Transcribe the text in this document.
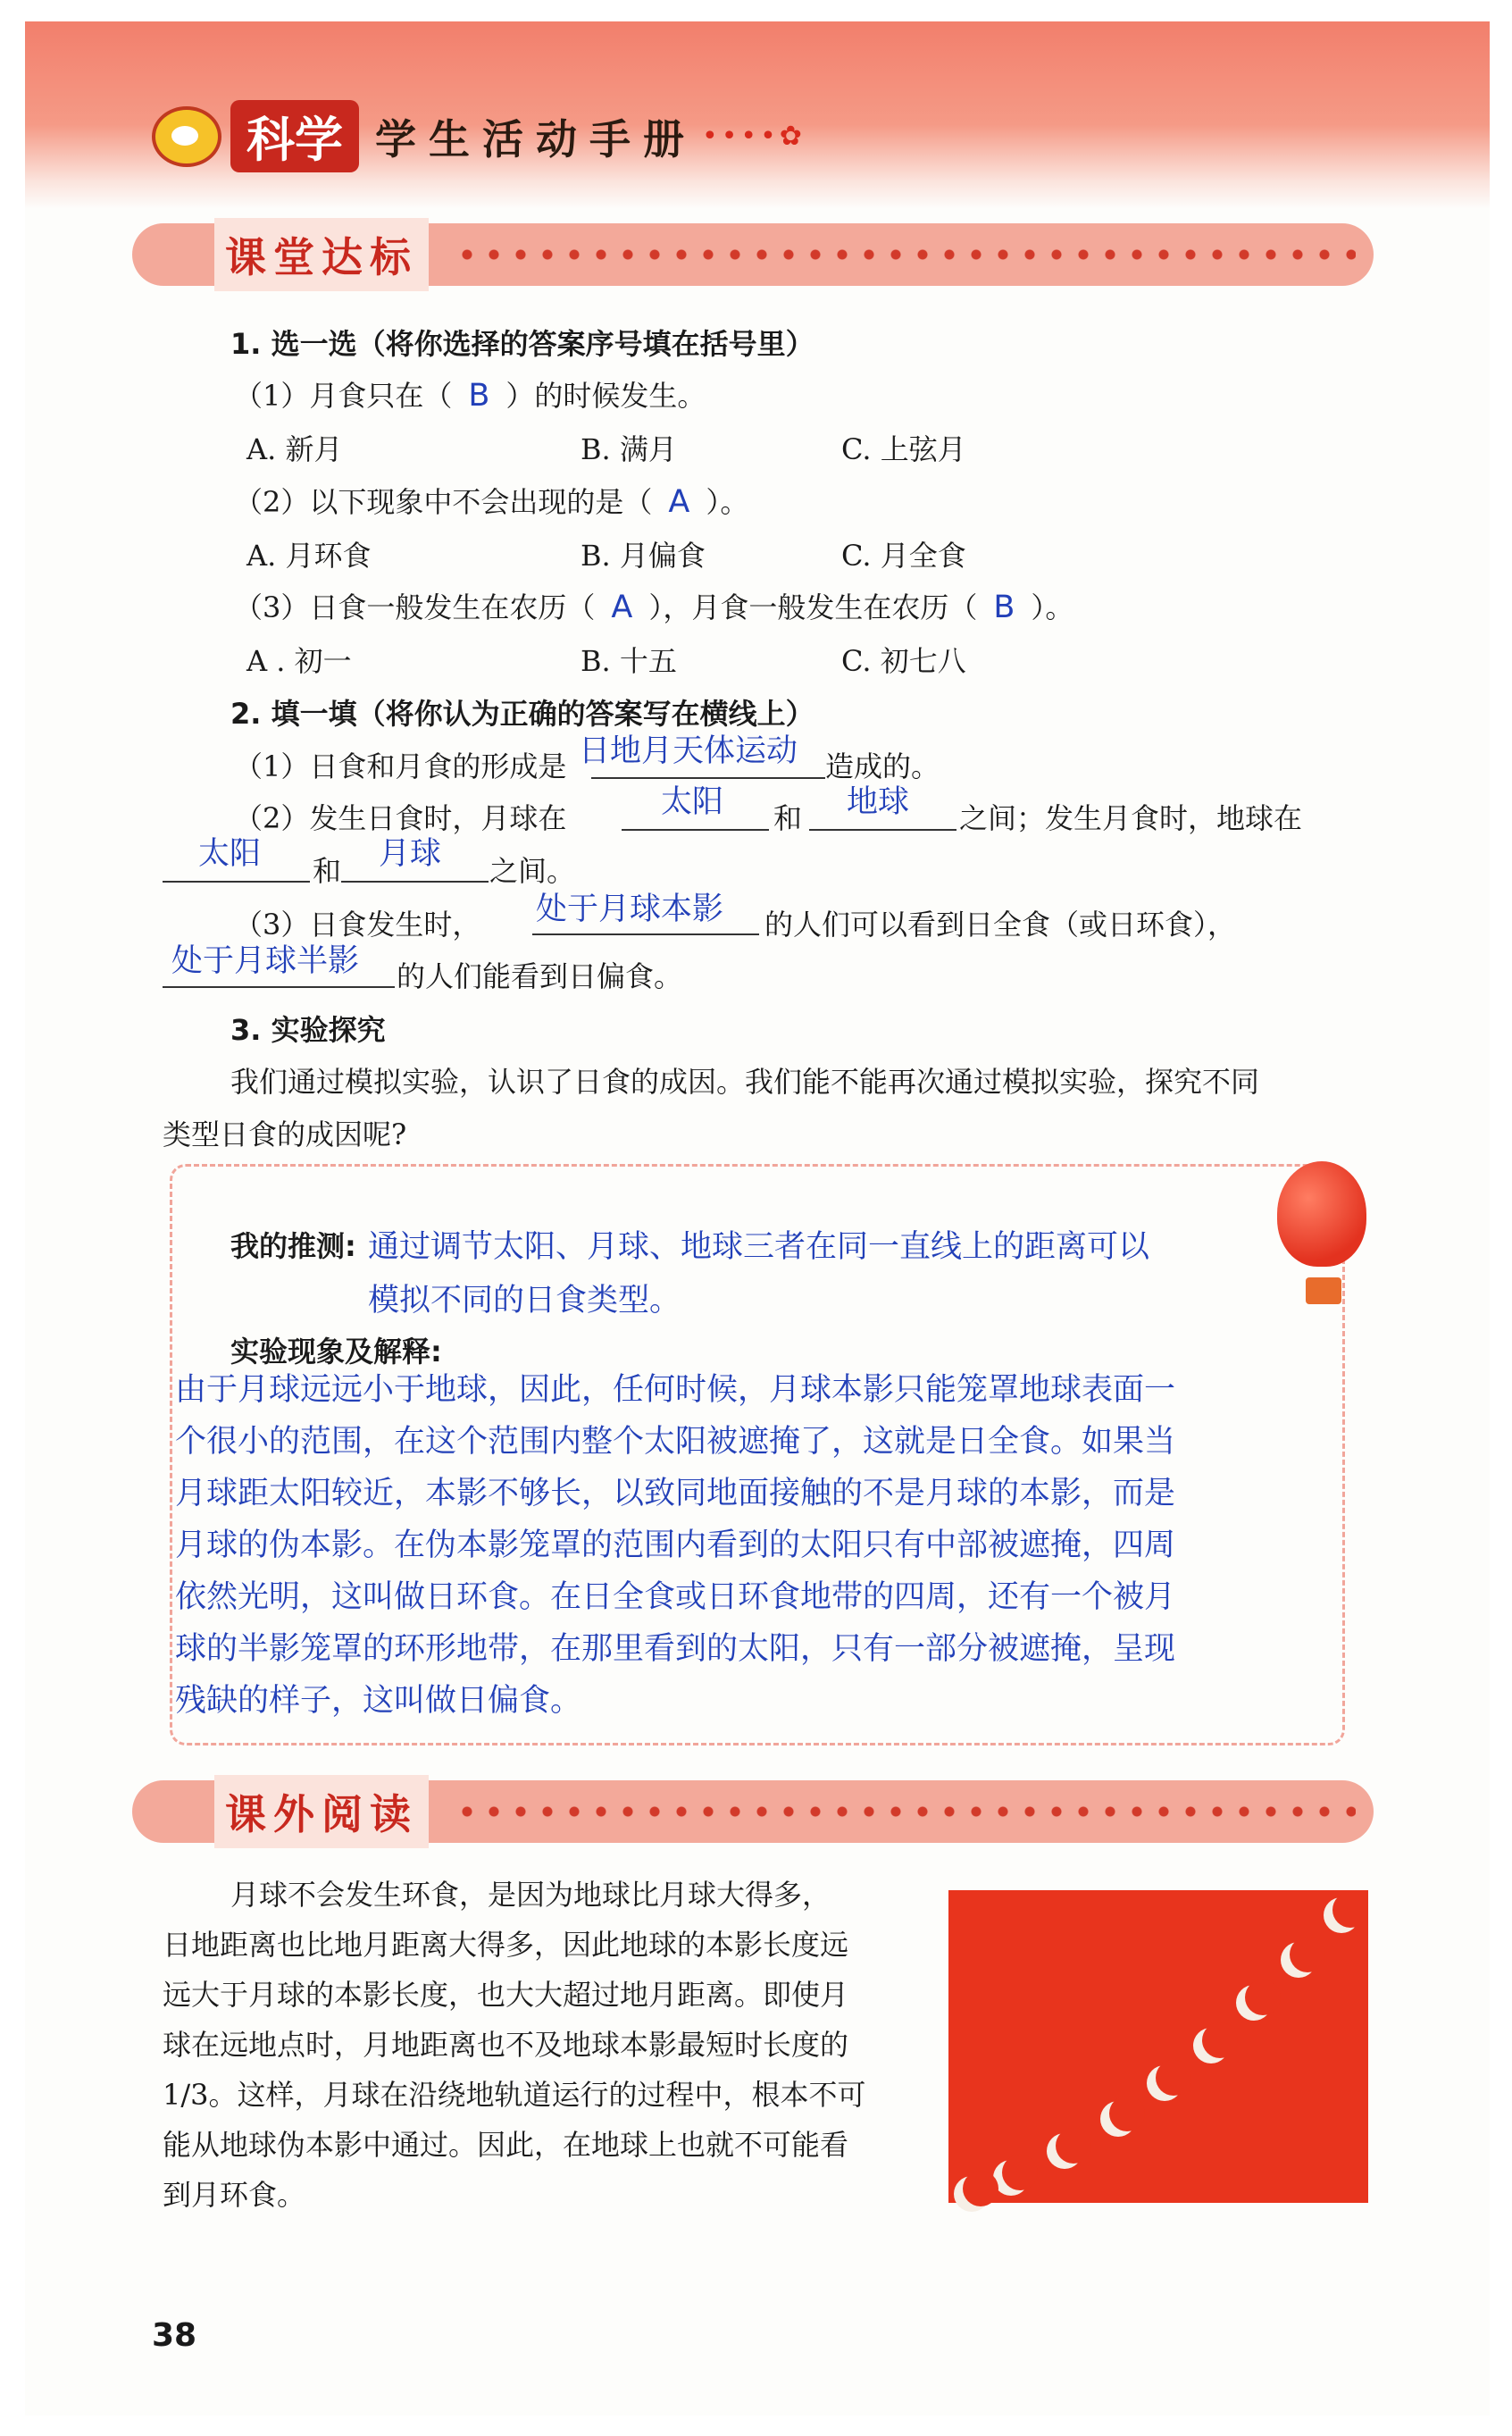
科学 学生活动手册 ••••✿
课堂达标
1. 选一选（将你选择的答案序号填在括号里）
（1）月食只在（ B ）的时候发生。
A. 新月	B. 满月	C. 上弦月
（2）以下现象中不会出现的是（ A ）。
A. 月环食	B. 月偏食	C. 月全食
（3）日食一般发生在农历（ A ），月食一般发生在农历（ B ）。
A . 初一	B. 十五	C. 初七八
2. 填一填（将你认为正确的答案写在横线上）
（1）日食和月食的形成是 日地月天体运动 造成的。
（2）发生日食时，月球在	太阳 和 地球 之间；发生月食时，地球在
太阳 和 月球 之间。
（3）日食发生时， 处于月球本影 的人们可以看到日全食（或日环食），
处于月球半影 的人们能看到日偏食。
3. 实验探究
我们通过模拟实验，认识了日食的成因。我们能不能再次通过模拟实验，探究不同
类型日食的成因呢?
我的推测: 通过调节太阳、月球、地球三者在同一直线上的距离可以
模拟不同的日食类型。
实验现象及解释:
由于月球远远小于地球，因此，任何时候，月球本影只能笼罩地球表面一
个很小的范围，在这个范围内整个太阳被遮掩了，这就是日全食。如果当
月球距太阳较近，本影不够长，以致同地面接触的不是月球的本影，而是
月球的伪本影。在伪本影笼罩的范围内看到的太阳只有中部被遮掩，四周
依然光明，这叫做日环食。在日全食或日环食地带的四周，还有一个被月
球的半影笼罩的环形地带，在那里看到的太阳，只有一部分被遮掩，呈现
残缺的样子，这叫做日偏食。
课外阅读
月球不会发生环食，是因为地球比月球大得多，
日地距离也比地月距离大得多，因此地球的本影长度远
远大于月球的本影长度，也大大超过地月距离。即使月
球在远地点时，月地距离也不及地球本影最短时长度的
1/3。这样，月球在沿绕地轨道运行的过程中，根本不可
能从地球伪本影中通过。因此，在地球上也就不可能看
到月环食。
38
